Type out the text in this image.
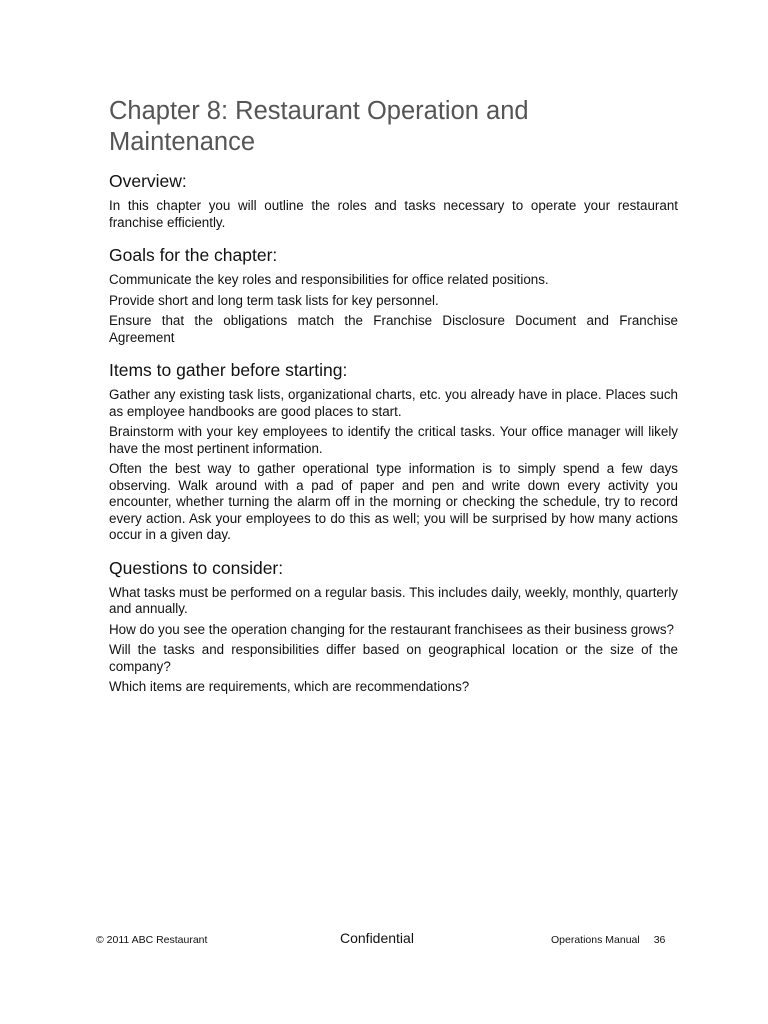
Chapter 8: Restaurant Operation and
Maintenance
Overview:

In this chapter you will outline the roles and tasks necessary to operate your restaurant franchise efficiently.

Goals for the chapter:

Communicate the key roles and responsibilities for office related positions.

Provide short and long term task lists for key personnel.

Ensure that the obligations match the Franchise Disclosure Document and Franchise Agreement

Items to gather before starting:

Gather any existing task lists, organizational charts, etc. you already have in place. Places such as employee handbooks are good places to start.

Brainstorm with your key employees to identify the critical tasks. Your office manager will likely have the most pertinent information.

Often the best way to gather operational type information is to simply spend a few days observing. Walk around with a pad of paper and pen and write down every activity you encounter, whether turning the alarm off in the morning or checking the schedule, try to record every action. Ask your employees to do this as well; you will be surprised by how many actions occur in a given day.

Questions to consider:

What tasks must be performed on a regular basis. This includes daily, weekly, monthly, quarterly and annually.

How do you see the operation changing for the restaurant franchisees as their business grows?

Will the tasks and responsibilities differ based on geographical location or the size of the company?

Which items are requirements, which are recommendations?

© 2011 ABC Restaurant	Confidential	Operations Manual 36
